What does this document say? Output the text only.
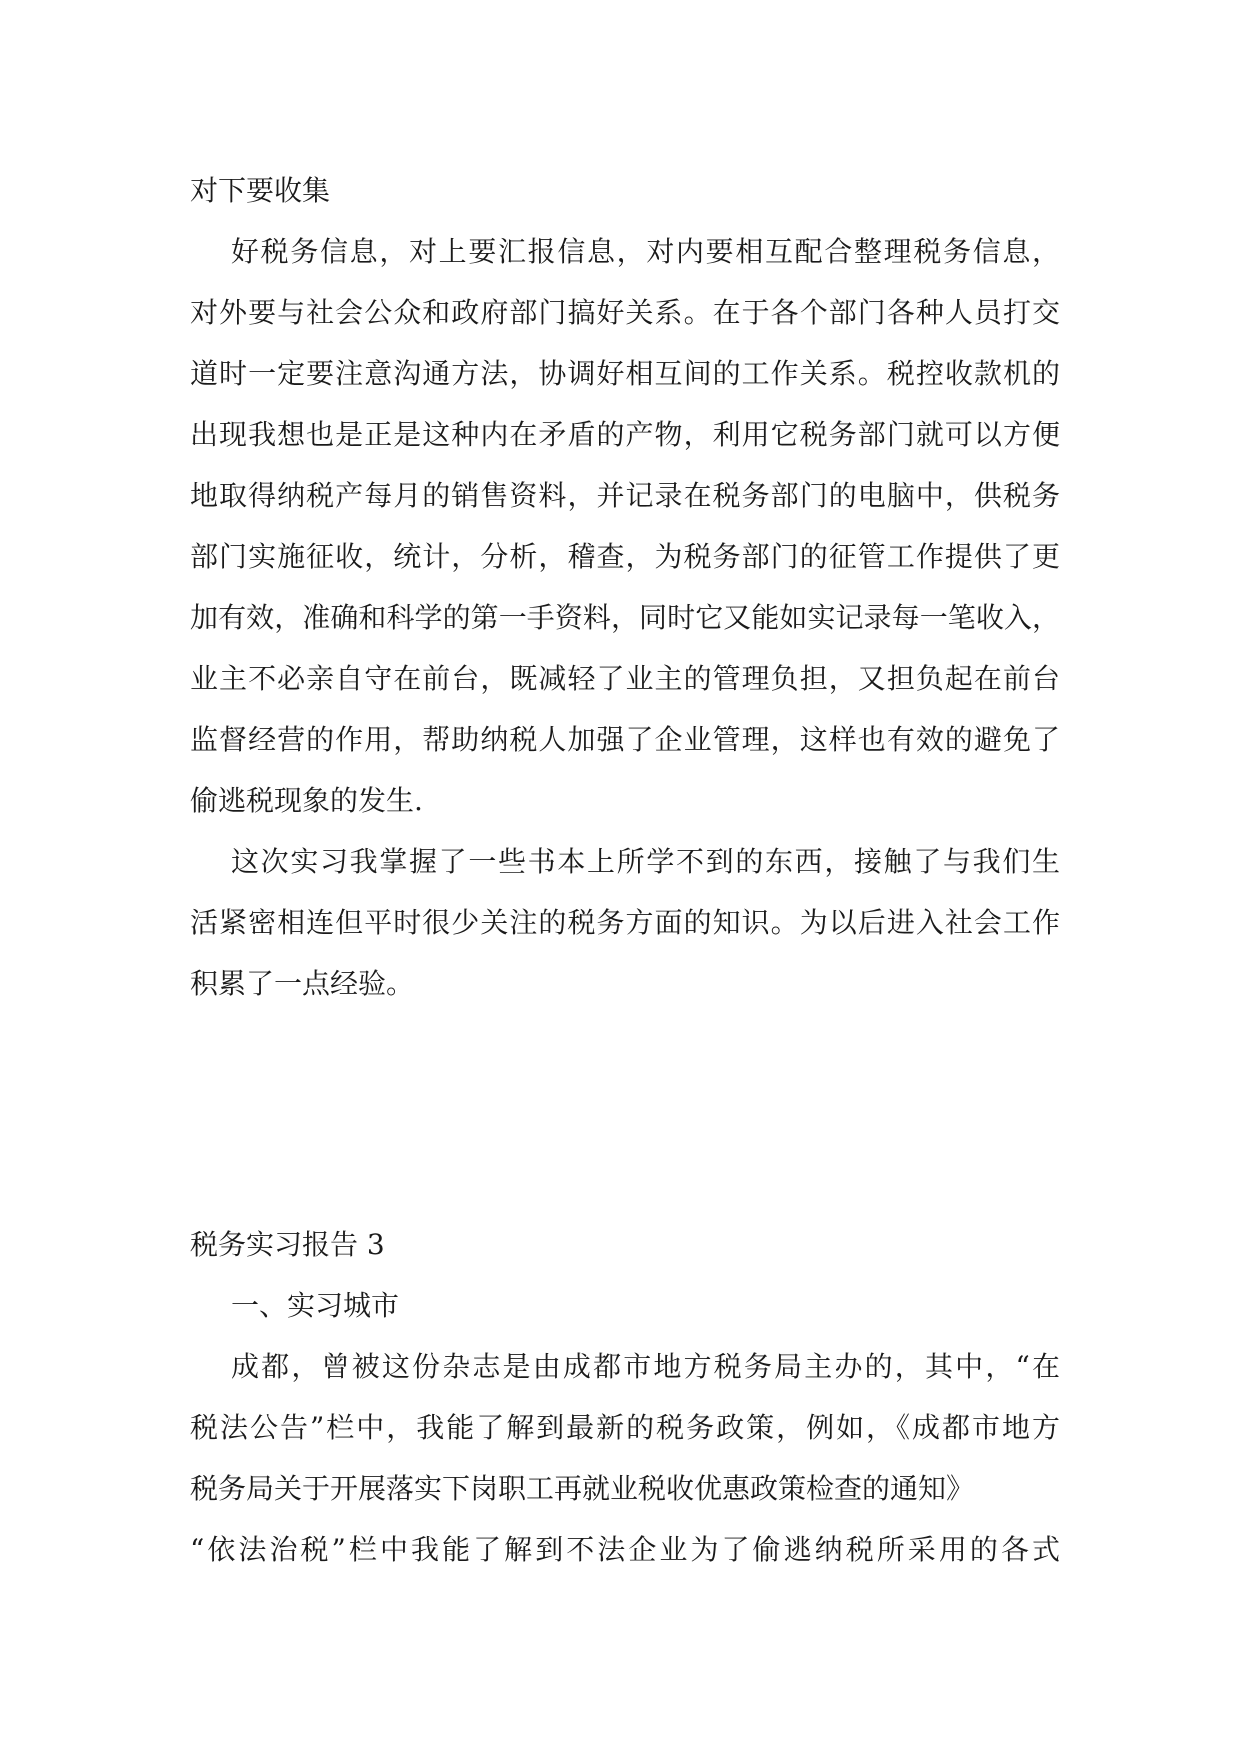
对下要收集

好税务信息，对上要汇报信息，对内要相互配合整理税务信息，

对外要与社会公众和政府部门搞好关系。在于各个部门各种人员打交

道时一定要注意沟通方法，协调好相互间的工作关系。税控收款机的

出现我想也是正是这种内在矛盾的产物，利用它税务部门就可以方便

地取得纳税产每月的销售资料，并记录在税务部门的电脑中，供税务

部门实施征收，统计，分析，稽查，为税务部门的征管工作提供了更

加有效，准确和科学的第一手资料，同时它又能如实记录每一笔收入，

业主不必亲自守在前台，既减轻了业主的管理负担，又担负起在前台

监督经营的作用，帮助纳税人加强了企业管理，这样也有效的避免了

偷逃税现象的发生.

这次实习我掌握了一些书本上所学不到的东西，接触了与我们生

活紧密相连但平时很少关注的税务方面的知识。为以后进入社会工作

积累了一点经验。

税务实习报告 3

一、实习城市

成都，曾被这份杂志是由成都市地方税务局主办的，其中，“在

税法公告”栏中，我能了解到最新的税务政策，例如，《成都市地方

税务局关于开展落实下岗职工再就业税收优惠政策检查的通知》

“依法治税”栏中我能了解到不法企业为了偷逃纳税所采用的各式
